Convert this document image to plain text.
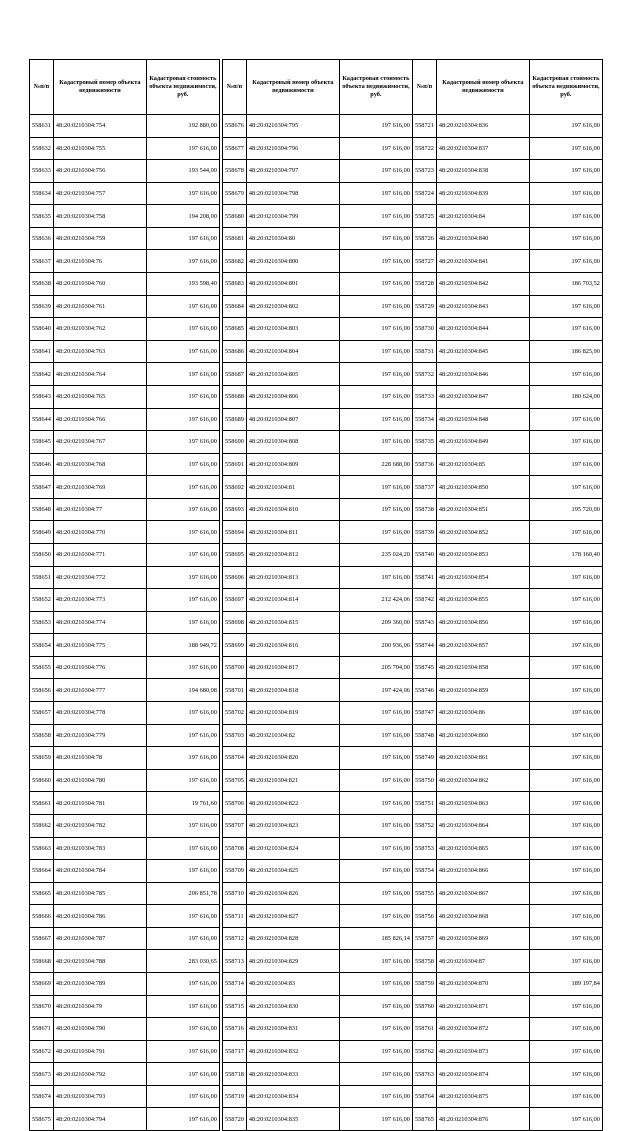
№п/п	Кадастровый номер объекта недвижимости	Кадастровая стоимость объекта недвижимости, руб.
558631	48:20:0210304:754	192 880,00
558632	48:20:0210304:755	197 616,00
558633	48:20:0210304:756	193 544,00
558634	48:20:0210304:757	197 616,00
558635	48:20:0210304:758	194 208,00
558636	48:20:0210304:759	197 616,00
558637	48:20:0210304:76	197 616,00
558638	48:20:0210304:760	193 598,40
558639	48:20:0210304:761	197 616,00
558640	48:20:0210304:762	197 616,00
558641	48:20:0210304:763	197 616,00
558642	48:20:0210304:764	197 616,00
558643	48:20:0210304:765	197 616,00
558644	48:20:0210304:766	197 616,00
558645	48:20:0210304:767	197 616,00
558646	48:20:0210304:768	197 616,00
558647	48:20:0210304:769	197 616,00
558648	48:20:0210304:77	197 616,00
558649	48:20:0210304:770	197 616,00
558650	48:20:0210304:771	197 616,00
558651	48:20:0210304:772	197 616,00
558652	48:20:0210304:773	197 616,00
558653	48:20:0210304:774	197 616,00
558654	48:20:0210304:775	188 949,72
558655	48:20:0210304:776	197 616,00
558656	48:20:0210304:777	194 680,08
558657	48:20:0210304:778	197 616,00
558658	48:20:0210304:779	197 616,00
558659	48:20:0210304:78	197 616,00
558660	48:20:0210304:780	197 616,00
558661	48:20:0210304:781	19 761,60
558662	48:20:0210304:782	197 616,00
558663	48:20:0210304:783	197 616,00
558664	48:20:0210304:784	197 616,00
558665	48:20:0210304:785	206 851,78
558666	48:20:0210304:786	197 616,00
558667	48:20:0210304:787	197 616,00
558668	48:20:0210304:788	283 030,65
558669	48:20:0210304:789	197 616,00
558670	48:20:0210304:79	197 616,00
558671	48:20:0210304:790	197 616,00
558672	48:20:0210304:791	197 616,00
558673	48:20:0210304:792	197 616,00
558674	48:20:0210304:793	197 616,00
558675	48:20:0210304:794	197 616,00
№п/п	Кадастровый номер объекта недвижимости	Кадастровая стоимость объекта недвижимости, руб.
558676	48:20:0210304:795	197 616,00
558677	48:20:0210304:796	197 616,00
558678	48:20:0210304:797	197 616,00
558679	48:20:0210304:798	197 616,00
558680	48:20:0210304:799	197 616,00
558681	48:20:0210304:80	197 616,00
558682	48:20:0210304:800	197 616,00
558683	48:20:0210304:801	197 616,00
558684	48:20:0210304:802	197 616,00
558685	48:20:0210304:803	197 616,00
558686	48:20:0210304:804	197 616,00
558687	48:20:0210304:805	197 616,00
558688	48:20:0210304:806	197 616,00
558689	48:20:0210304:807	197 616,00
558690	48:20:0210304:808	197 616,00
558691	48:20:0210304:809	228 688,00
558692	48:20:0210304:81	197 616,00
558693	48:20:0210304:810	197 616,00
558694	48:20:0210304:811	197 616,00
558695	48:20:0210304:812	235 024,20
558696	48:20:0210304:813	197 616,00
558697	48:20:0210304:814	212 424,06
558698	48:20:0210304:815	209 360,00
558699	48:20:0210304:816	200 936,06
558700	48:20:0210304:817	205 704,00
558701	48:20:0210304:818	197 424,06
558702	48:20:0210304:819	197 616,00
558703	48:20:0210304:82	197 616,00
558704	48:20:0210304:820	197 616,00
558705	48:20:0210304:821	197 616,00
558706	48:20:0210304:822	197 616,00
558707	48:20:0210304:823	197 616,00
558708	48:20:0210304:824	197 616,00
558709	48:20:0210304:825	197 616,00
558710	48:20:0210304:826	197 616,00
558711	48:20:0210304:827	197 616,00
558712	48:20:0210304:828	185 826,14
558713	48:20:0210304:829	197 616,00
558714	48:20:0210304:83	197 616,00
558715	48:20:0210304:830	197 616,00
558716	48:20:0210304:831	197 616,00
558717	48:20:0210304:832	197 616,00
558718	48:20:0210304:833	197 616,00
558719	48:20:0210304:834	197 616,00
558720	48:20:0210304:835	197 616,00
№п/п	Кадастровый номер объекта недвижимости	Кадастровая стоимость объекта недвижимости, руб.
558721	48:20:0210304:836	197 616,00
558722	48:20:0210304:837	197 616,00
558723	48:20:0210304:838	197 616,00
558724	48:20:0210304:839	197 616,00
558725	48:20:0210304:84	197 616,00
558726	48:20:0210304:840	197 616,00
558727	48:20:0210304:841	197 616,00
558728	48:20:0210304:842	186 703,52
558729	48:20:0210304:843	197 616,00
558730	48:20:0210304:844	197 616,00
558731	48:20:0210304:845	186 825,90
558732	48:20:0210304:846	197 616,00
558733	48:20:0210304:847	180 624,00
558734	48:20:0210304:848	197 616,00
558735	48:20:0210304:849	197 616,00
558736	48:20:0210304:85	197 616,00
558737	48:20:0210304:850	197 616,00
558738	48:20:0210304:851	195 720,00
558739	48:20:0210304:852	197 616,00
558740	48:20:0210304:853	178 160,40
558741	48:20:0210304:854	197 616,00
558742	48:20:0210304:855	197 616,00
558743	48:20:0210304:856	197 616,00
558744	48:20:0210304:857	197 616,00
558745	48:20:0210304:858	197 616,00
558746	48:20:0210304:859	197 616,00
558747	48:20:0210304:86	197 616,00
558748	48:20:0210304:860	197 616,00
558749	48:20:0210304:861	197 616,00
558750	48:20:0210304:862	197 616,00
558751	48:20:0210304:863	197 616,00
558752	48:20:0210304:864	197 616,00
558753	48:20:0210304:865	197 616,00
558754	48:20:0210304:866	197 616,00
558755	48:20:0210304:867	197 616,00
558756	48:20:0210304:868	197 616,00
558757	48:20:0210304:869	197 616,00
558758	48:20:0210304:87	197 616,00
558759	48:20:0210304:870	189 197,84
558760	48:20:0210304:871	197 616,00
558761	48:20:0210304:872	197 616,00
558762	48:20:0210304:873	197 616,00
558763	48:20:0210304:874	197 616,00
558764	48:20:0210304:875	197 616,00
558765	48:20:0210304:876	197 616,00
